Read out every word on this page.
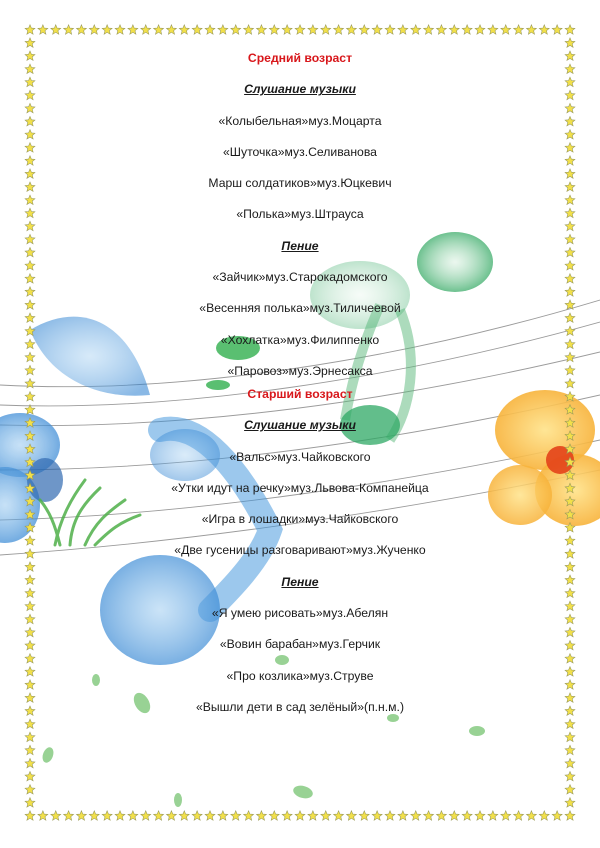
Средний возраст
Слушание музыки
«Колыбельная»муз.Моцарта
«Шуточка»муз.Селиванова
Марш солдатиков»муз.Юцкевич
«Полька»муз.Штрауса
Пение
«Зайчик»муз.Старокадомского
«Весенняя полька»муз.Тиличеевой
«Хохлатка»муз.Филиппенко
«Паровоз»муз.Эрнесакса
Старший возраст
Слушание музыки
«Вальс»муз.Чайковского
«Утки идут на речку»муз.Львова-Компанейца
«Игра в лошадки»муз.Чайковского
«Две гусеницы разговаривают»муз.Жученко
Пение
«Я умею рисовать»муз.Абелян
«Вовин барабан»муз.Герчик
«Про козлика»муз.Струве
«Вышли дети в сад зелёный»(п.н.м.)
